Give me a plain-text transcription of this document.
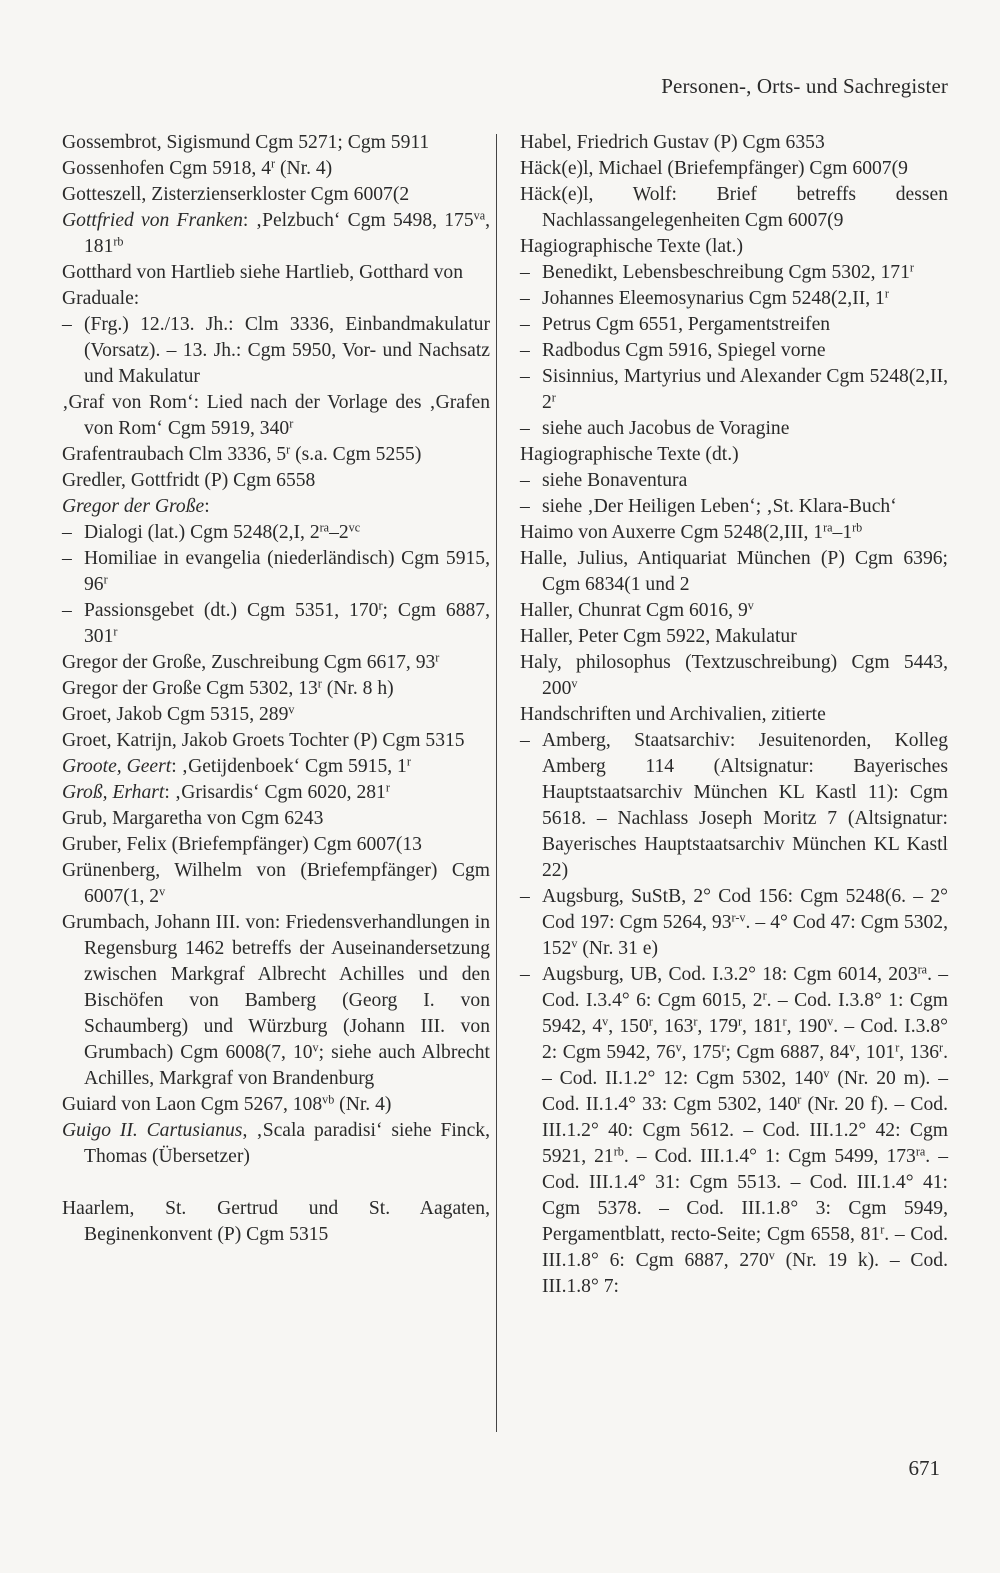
Personen-, Orts- und Sachregister
Gossembrot, Sigismund Cgm 5271; Cgm 5911
Gossenhofen Cgm 5918, 4$^r$ (Nr. 4)
Gotteszell, Zisterzienserkloster Cgm 6007(2
Gottfried von Franken: ‚Pelzbuch‘ Cgm 5498, $175^{va}$, $181^{rb}$
Gotthard von Hartlieb siehe Hartlieb, Gotthard von
Graduale:
– (Frg.) 12./13. Jh.: Clm 3336, Einbandmakulatur (Vorsatz). – 13. Jh.: Cgm 5950, Vor- und Nachsatz und Makulatur
‚Graf von Rom‘: Lied nach der Vorlage des ‚Grafen von Rom‘ Cgm 5919, 340$^r$
Grafentraubach Clm 3336, 5$^r$ (s.a. Cgm 5255)
Gredler, Gottfridt (P) Cgm 6558
Gregor der Große:
– Dialogi (lat.) Cgm 5248(2,I, $2^{ra}-2^{vc}$
– Homiliae in evangelia (niederländisch) Cgm 5915, 96$^r$
– Passionsgebet (dt.) Cgm 5351, 170$^r$; Cgm 6887, 301$^r$
Gregor der Große, Zuschreibung Cgm 6617, 93$^r$
Gregor der Große Cgm 5302, 13$^r$ (Nr. 8 h)
Groet, Jakob Cgm 5315, 289$^v$
Groet, Katrijn, Jakob Groets Tochter (P) Cgm 5315
Groote, Geert: ‚Getijdenboek‘ Cgm 5915, 1$^r$
Groß, Erhart: ‚Grisardis‘ Cgm 6020, 281$^r$
Grub, Margaretha von Cgm 6243
Gruber, Felix (Briefempfänger) Cgm 6007(13
Grünenberg, Wilhelm von (Briefempfänger) Cgm 6007(1, 2$^v$
Grumbach, Johann III. von: Friedensverhandlungen in Regensburg 1462 betreffs der Auseinandersetzung zwischen Markgraf Albrecht Achilles und den Bischöfen von Bamberg (Georg I. von Schaumberg) und Würzburg (Johann III. von Grumbach) Cgm 6008(7, 10$^v$; siehe auch Albrecht Achilles, Markgraf von Brandenburg
Guiard von Laon Cgm 5267, $108^{vb}$ (Nr. 4)
Guigo II. Cartusianus, ‚Scala paradisi‘ siehe Finck, Thomas (Übersetzer)
Haarlem, St. Gertrud und St. Aagaten, Beginenkonvent (P) Cgm 5315
Habel, Friedrich Gustav (P) Cgm 6353
Häck(e)l, Michael (Briefempfänger) Cgm 6007(9
Häck(e)l, Wolf: Brief betreffs dessen Nachlassangelegenheiten Cgm 6007(9
Hagiographische Texte (lat.)
– Benedikt, Lebensbeschreibung Cgm 5302, 171$^r$
– Johannes Eleemosynarius Cgm 5248(2,II, 1$^r$
– Petrus Cgm 6551, Pergamentstreifen
– Radbodus Cgm 5916, Spiegel vorne
– Sisinnius, Martyrius und Alexander Cgm 5248(2,II, 2$^r$
– siehe auch Jacobus de Voragine
Hagiographische Texte (dt.)
– siehe Bonaventura
– siehe ‚Der Heiligen Leben‘; ‚St. Klara-Buch‘
Haimo von Auxerre Cgm 5248(2,III, $1^{ra}-1^{rb}$
Halle, Julius, Antiquariat München (P) Cgm 6396; Cgm 6834(1 und 2
Haller, Chunrat Cgm 6016, 9$^v$
Haller, Peter Cgm 5922, Makulatur
Haly, philosophus (Textzuschreibung) Cgm 5443, 200$^v$
Handschriften und Archivalien, zitierte
– Amberg, Staatsarchiv: Jesuitenorden, Kolleg Amberg 114 (Altsignatur: Bayerisches Hauptstaatsarchiv München KL Kastl 11): Cgm 5618. – Nachlass Joseph Moritz 7 (Altsignatur: Bayerisches Hauptstaatsarchiv München KL Kastl 22)
– Augsburg, SuStB, 2° Cod 156: Cgm 5248(6. – 2° Cod 197: Cgm 5264, 93$^{r-v}$. – 4° Cod 47: Cgm 5302, 152$^v$ (Nr. 31 e)
– Augsburg, UB, Cod. I.3.2° 18: Cgm 6014, $203^{ra}$. – Cod. I.3.4° 6: Cgm 6015, 2$^r$. – Cod. I.3.8° 1: Cgm 5942, 4$^v$, 150$^r$, 163$^r$, 179$^r$, 181$^r$, 190$^v$. – Cod. I.3.8° 2: Cgm 5942, 76$^v$, 175$^r$; Cgm 6887, 84$^v$, 101$^r$, 136$^r$. – Cod. II.1.2° 12: Cgm 5302, 140$^v$ (Nr. 20 m). – Cod. II.1.4° 33: Cgm 5302, 140$^r$ (Nr. 20 f). – Cod. III.1.2° 40: Cgm 5612. – Cod. III.1.2° 42: Cgm 5921, $21^{rb}$. – Cod. III.1.4° 1: Cgm 5499, $173^{ra}$. – Cod. III.1.4° 31: Cgm 5513. – Cod. III.1.4° 41: Cgm 5378. – Cod. III.1.8° 3: Cgm 5949, Pergamentblatt, recto-Seite; Cgm 6558, 81$^r$. – Cod. III.1.8° 6: Cgm 6887, 270$^v$ (Nr. 19 k). – Cod. III.1.8° 7:
671
